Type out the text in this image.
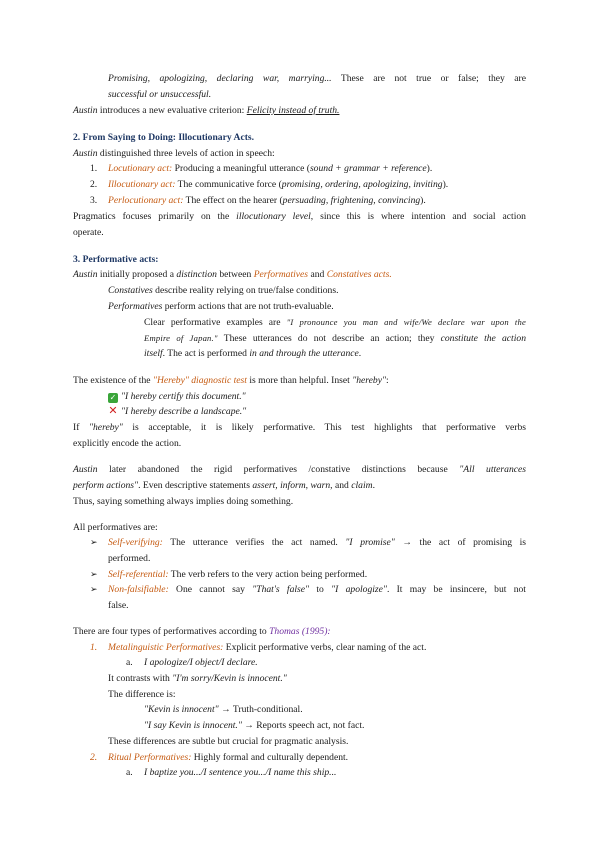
Promising, apologizing, declaring war, marrying... These are not true or false; they are
successful or unsuccessful.
Austin introduces a new evaluative criterion: Felicity instead of truth.
2. From Saying to Doing: Illocutionary Acts.
Austin distinguished three levels of action in speech:
1. Locutionary act: Producing a meaningful utterance (sound + grammar + reference).
2. Illocutionary act: The communicative force (promising, ordering, apologizing, inviting).
3. Perlocutionary act: The effect on the hearer (persuading, frightening, convincing).
Pragmatics focuses primarily on the illocutionary level, since this is where intention and social action
operate.
3. Performative acts:
Austin initially proposed a distinction between Performatives and Constatives acts.
Constatives describe reality relying on true/false conditions.
Performatives perform actions that are not truth-evaluable.
Clear performative examples are "I pronounce you man and wife/We declare war upon the
Empire of Japan." These utterances do not describe an action; they constitute the action
itself. The act is performed in and through the utterance.
The existence of the "Hereby" diagnostic test is more than helpful. Inset "hereby":
✓ "I hereby certify this document."
✕ "I hereby describe a landscape."
If "hereby" is acceptable, it is likely performative. This test highlights that performative verbs
explicitly encode the action.
Austin later abandoned the rigid performatives /constative distinctions because "All utterances
perform actions". Even descriptive statements assert, inform, warn, and claim.
Thus, saying something always implies doing something.
All performatives are:
➢ Self-verifying: The utterance verifies the act named. "I promise" → the act of promising is
performed.
➢ Self-referential: The verb refers to the very action being performed.
➢ Non-falsifiable: One cannot say "That's false" to "I apologize". It may be insincere, but not
false.
There are four types of performatives according to Thomas (1995):
1. Metalinguistic Performatives: Explicit performative verbs, clear naming of the act.
a. I apologize/I object/I declare.
It contrasts with "I'm sorry/Kevin is innocent."
The difference is:
"Kevin is innocent" → Truth-conditional.
"I say Kevin is innocent." → Reports speech act, not fact.
These differences are subtle but crucial for pragmatic analysis.
2. Ritual Performatives: Highly formal and culturally dependent.
a. I baptize you.../I sentence you.../I name this ship...
